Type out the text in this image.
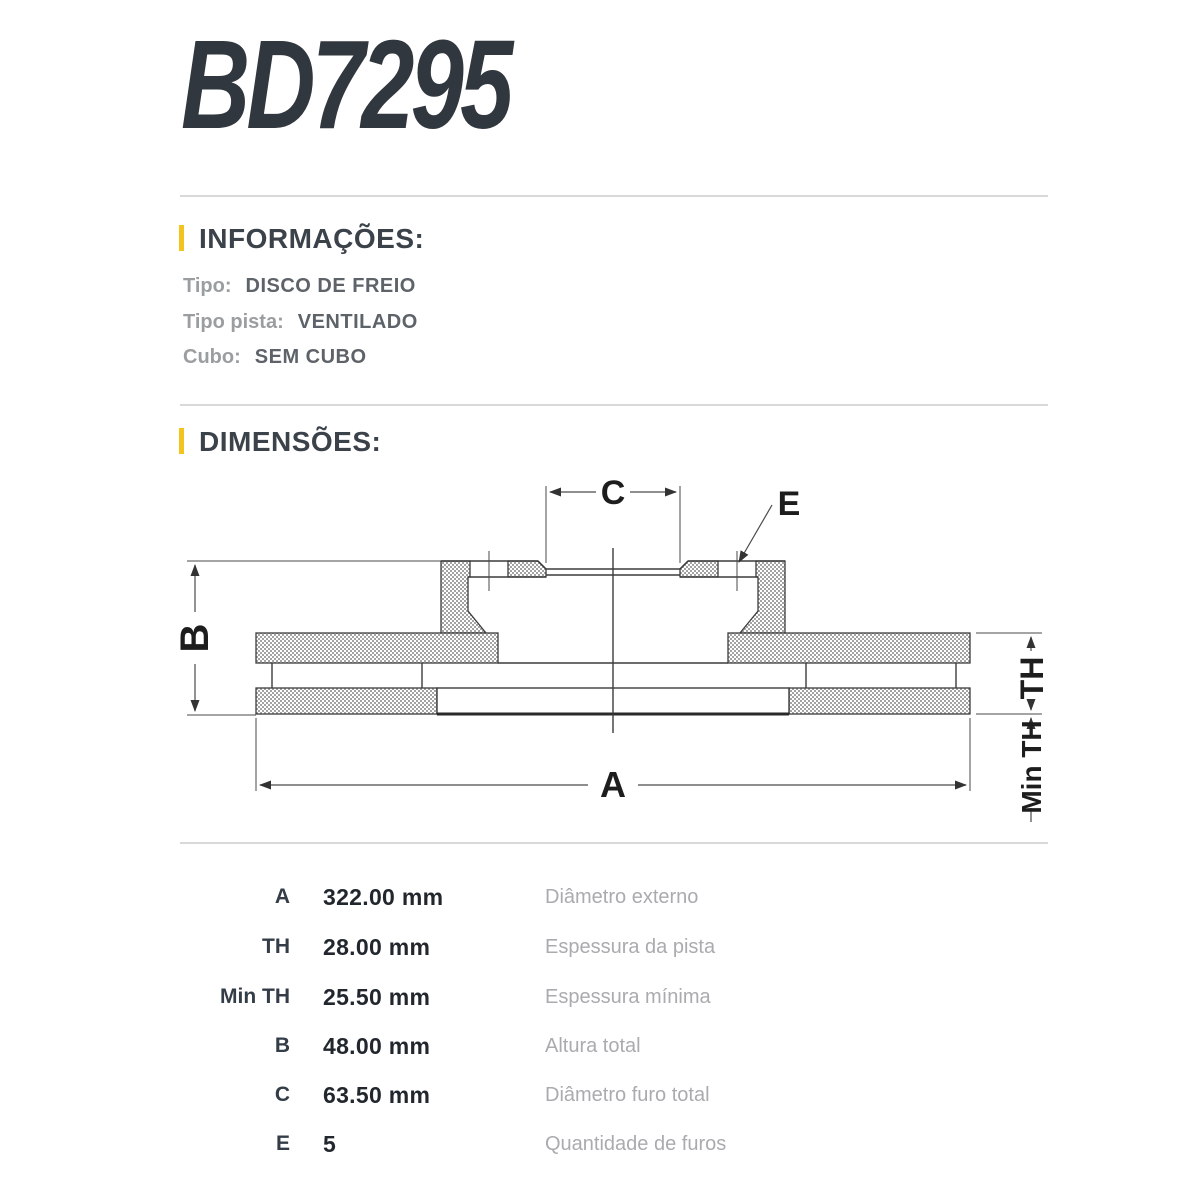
BD7295
INFORMAÇÕES:
Tipo: DISCO DE FREIO
Tipo pista: VENTILADO
Cubo: SEM CUBO
DIMENSÕES:
C	E
B
A
TH
Min TH
A 322.00 mm	Diâmetro externo
TH 28.00 mm	Espessura da pista
Min TH 25.50 mm	Espessura mínima
B 48.00 mm	Altura total
C 63.50 mm	Diâmetro furo total
E 5	Quantidade de furos
